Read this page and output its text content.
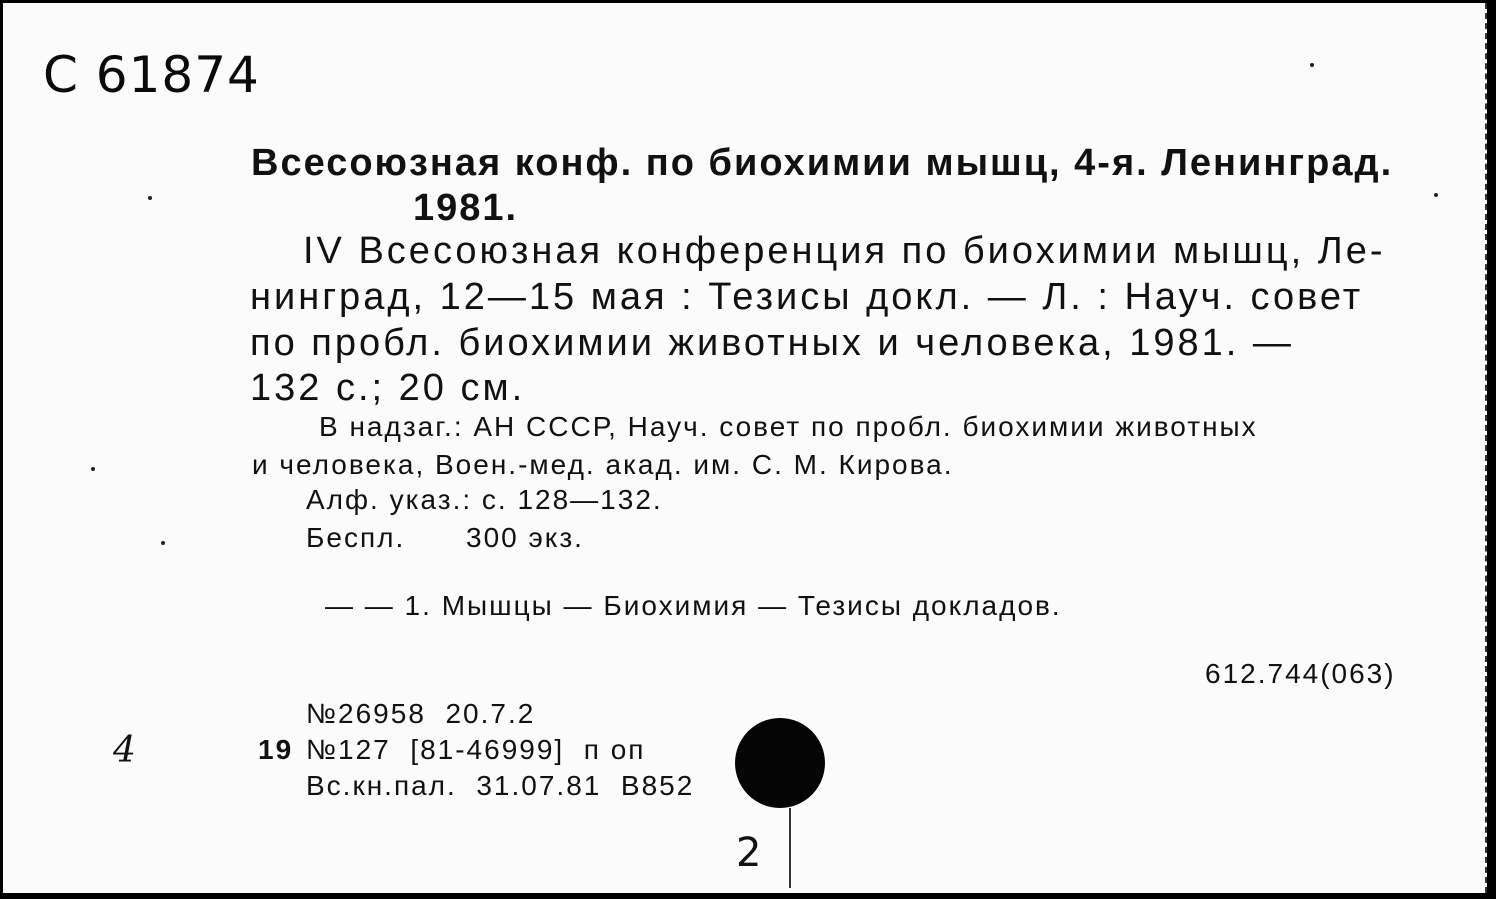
С 61874
Всесоюзная конф. по биохимии мышц, 4-я. Ленинград.
1981.
IV Всесоюзная конференция по биохимии мышц, Ле-
нинград, 12—15 мая : Тезисы докл. — Л. : Науч. совет
по пробл. биохимии животных и человека, 1981. —
132 с.; 20 см.
В надзаг.: АН СССР, Науч. совет по пробл. биохимии животных
и человека, Воен.-мед. акад. им. С. М. Кирова.
Алф. указ.: с. 128—132.
Беспл. 300 экз.
— — 1. Мышцы — Биохимия — Тезисы докладов.
612.744(063)
№26958  20.7.2
19 №127  [81-46999]  п оп
Вс.кн.пал.  31.07.81  В852
4
2
